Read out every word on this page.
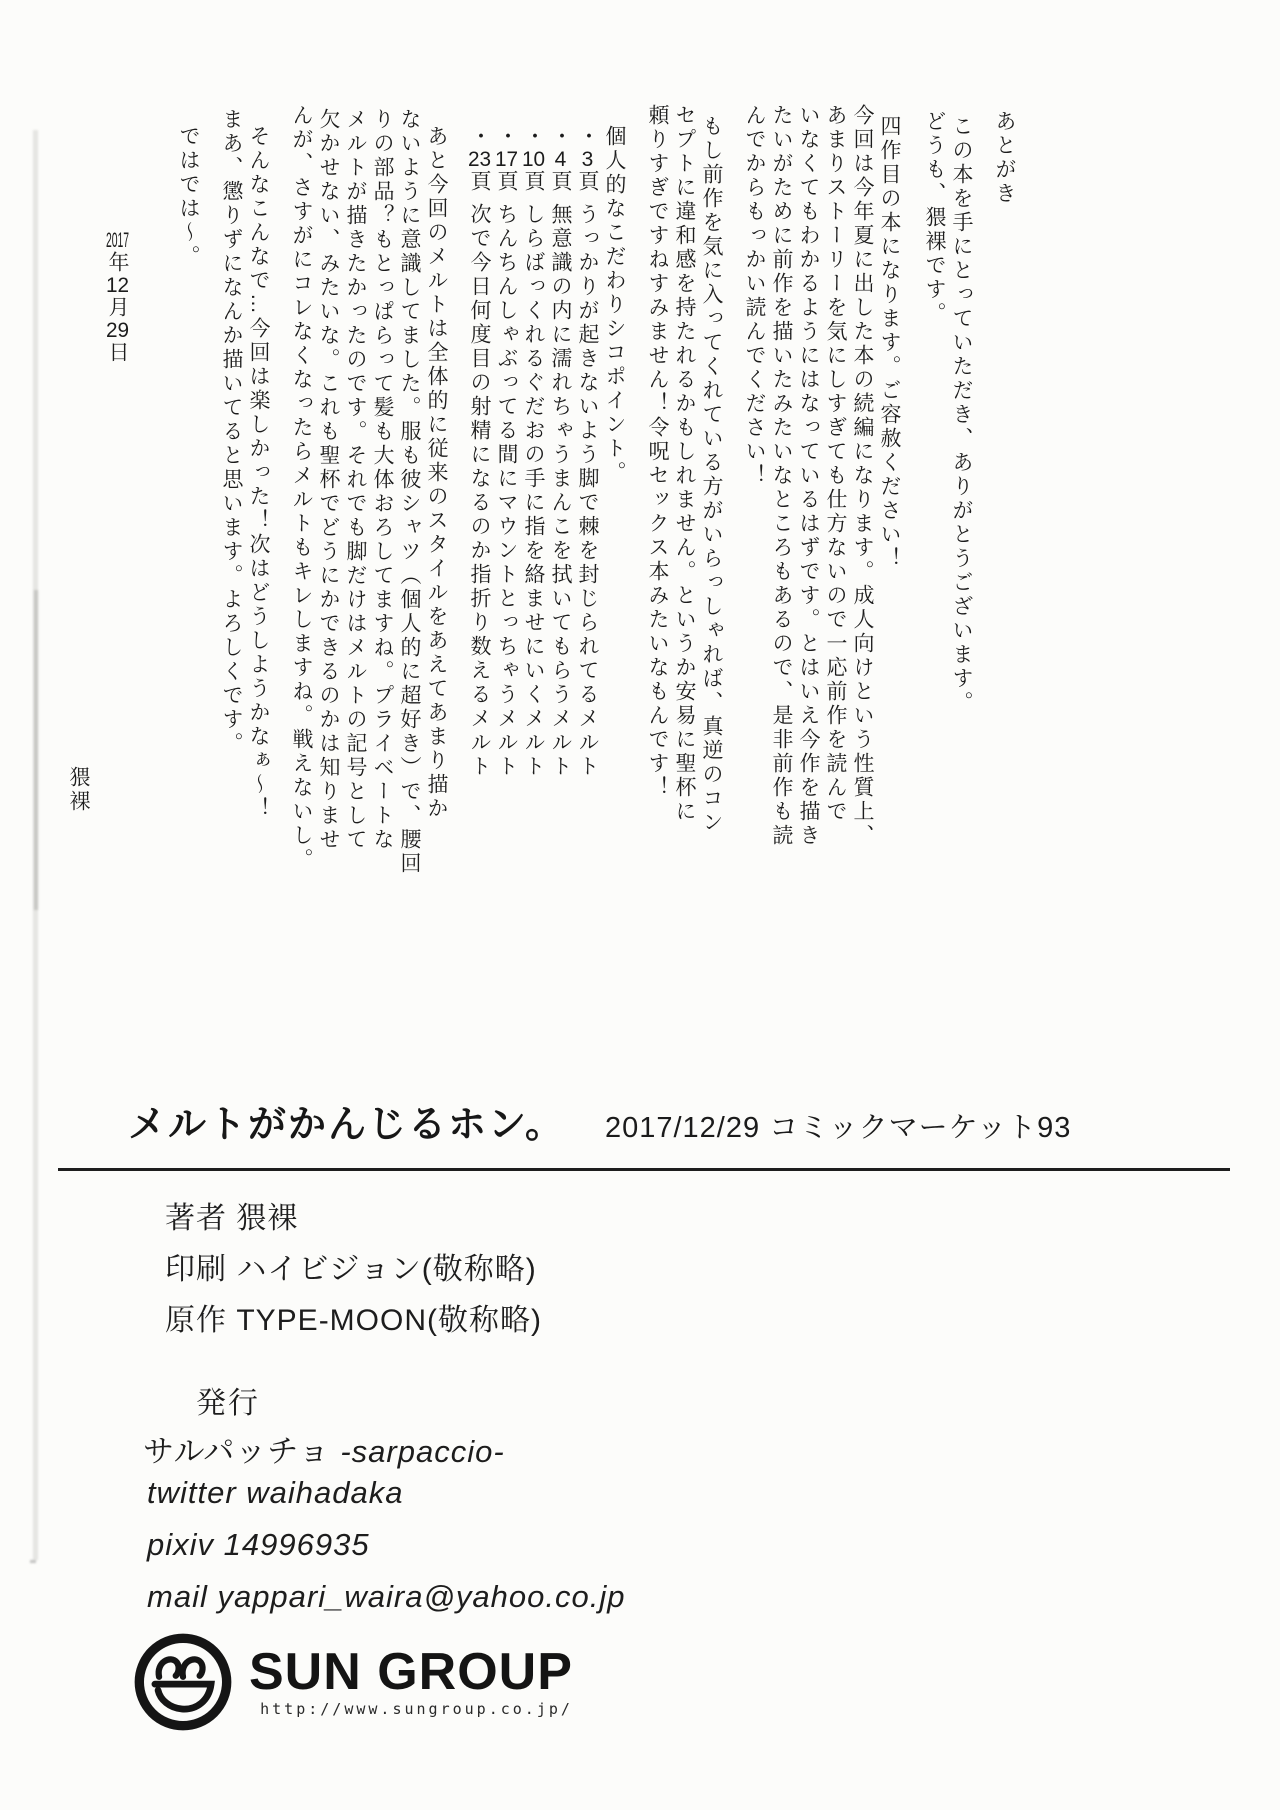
あとがき

この本を手にとっていただき、ありがとうございます。

どうも、猥裸です。

四作目の本になります。ご容赦ください！

今回は今年夏に出した本の続編になります。成人向けという性質上、

あまりストーリーを気にしすぎても仕方ないので一応前作を読んで

いなくてもわかるようにはなっているはずです。とはいえ今作を描き

たいがために前作を描いたみたいなところもあるので、是非前作も読

んでからもっかい読んでください！

もし前作を気に入ってくれている方がいらっしゃれば、真逆のコン

セプトに違和感を持たれるかもしれません。というか安易に聖杯に

頼りすぎですねすみません！令呪セックス本みたいなもんです！

個人的なこだわりシコポイント。

・3頁 うっかりが起きないよう脚で棘を封じられてるメルト

・4頁 無意識の内に濡れちゃうまんこを拭いてもらうメルト

・10頁 しらばっくれるぐだおの手に指を絡ませにいくメルト

・17頁 ちんちんしゃぶってる間にマウントとっちゃうメルト

・23頁 次で今日何度目の射精になるのか指折り数えるメルト

あと今回のメルトは全体的に従来のスタイルをあえてあまり描か

ないように意識してました。服も彼シャツ（個人的に超好き）で、腰回

りの部品？もとっぱらって髪も大体おろしてますね。プライベートな

メルトが描きたかったのです。それでも脚だけはメルトの記号として

欠かせない、みたいな。これも聖杯でどうにかできるのかは知りませ

んが、さすがにコレなくなったらメルトもキレしますね。戦えないし。

そんなこんなで…今回は楽しかった！次はどうしようかなぁ～！

まあ、懲りずになんか描いてると思います。よろしくです。

ではでは～。

2017年12月29日

猥裸

メルトがかんじるホン。 2017/12/29 コミックマーケット93
著者 猥裸
印刷 ハイビジョン(敬称略)
原作 TYPE-MOON(敬称略)
発行
サルパッチョ -sarpaccio-
twitter waihadaka
pixiv 14996935
mail yappari_waira@yahoo.co.jp
SUN GROUP
http://www.sungroup.co.jp/
